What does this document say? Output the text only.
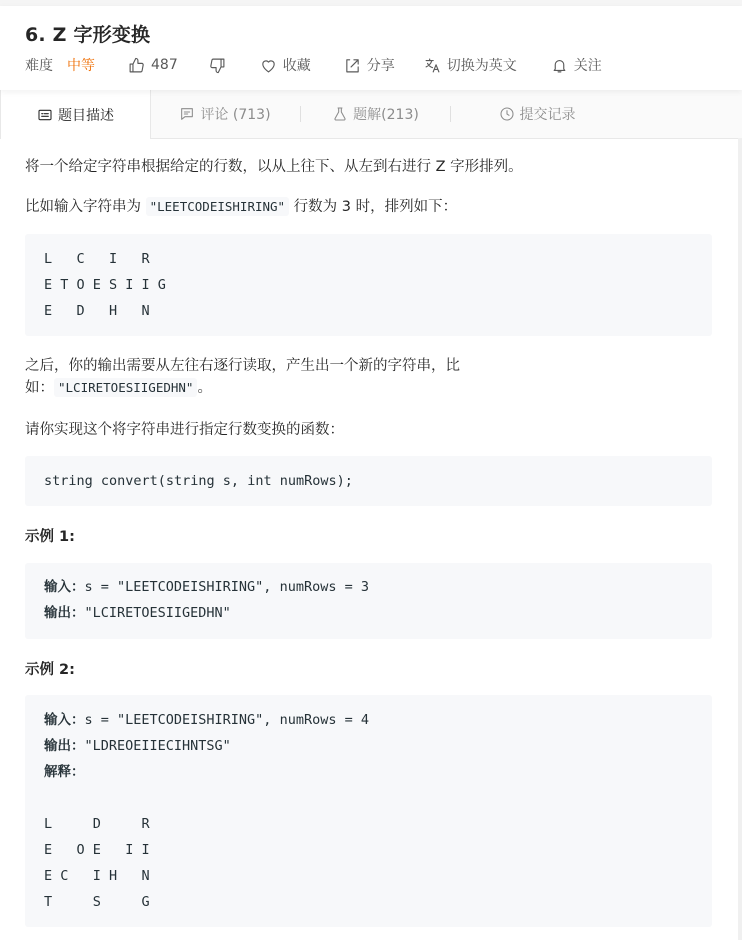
6. Z 字形变换
难度 中等	487	收藏	分享	切换为英文	关注
题目描述	评论 (713)	题解(213)	提交记录

将一个给定字符串根据给定的行数，以从上往下、从左到右进行 Z 字形排列。

比如输入字符串为 "LEETCODEISHIRING" 行数为 3 时，排列如下：

L   C   I   R
E T O E S I I G
E   D   H   N

之后，你的输出需要从左往右逐行读取，产生出一个新的字符串，比
如： "LCIRETOESIIGEDHN" 。

请你实现这个将字符串进行指定行数变换的函数：

string convert(string s, int numRows);
示例 1:
输入：s = "LEETCODEISHIRING", numRows = 3
输出："LCIRETOESIIGEDHN"
示例 2:
输入：s = "LEETCODEISHIRING", numRows = 4
输出："LDREOEIIECIHNTSG"
解释：
L     D     R
E   O E   I I
E C   I H   N
T     S     G
